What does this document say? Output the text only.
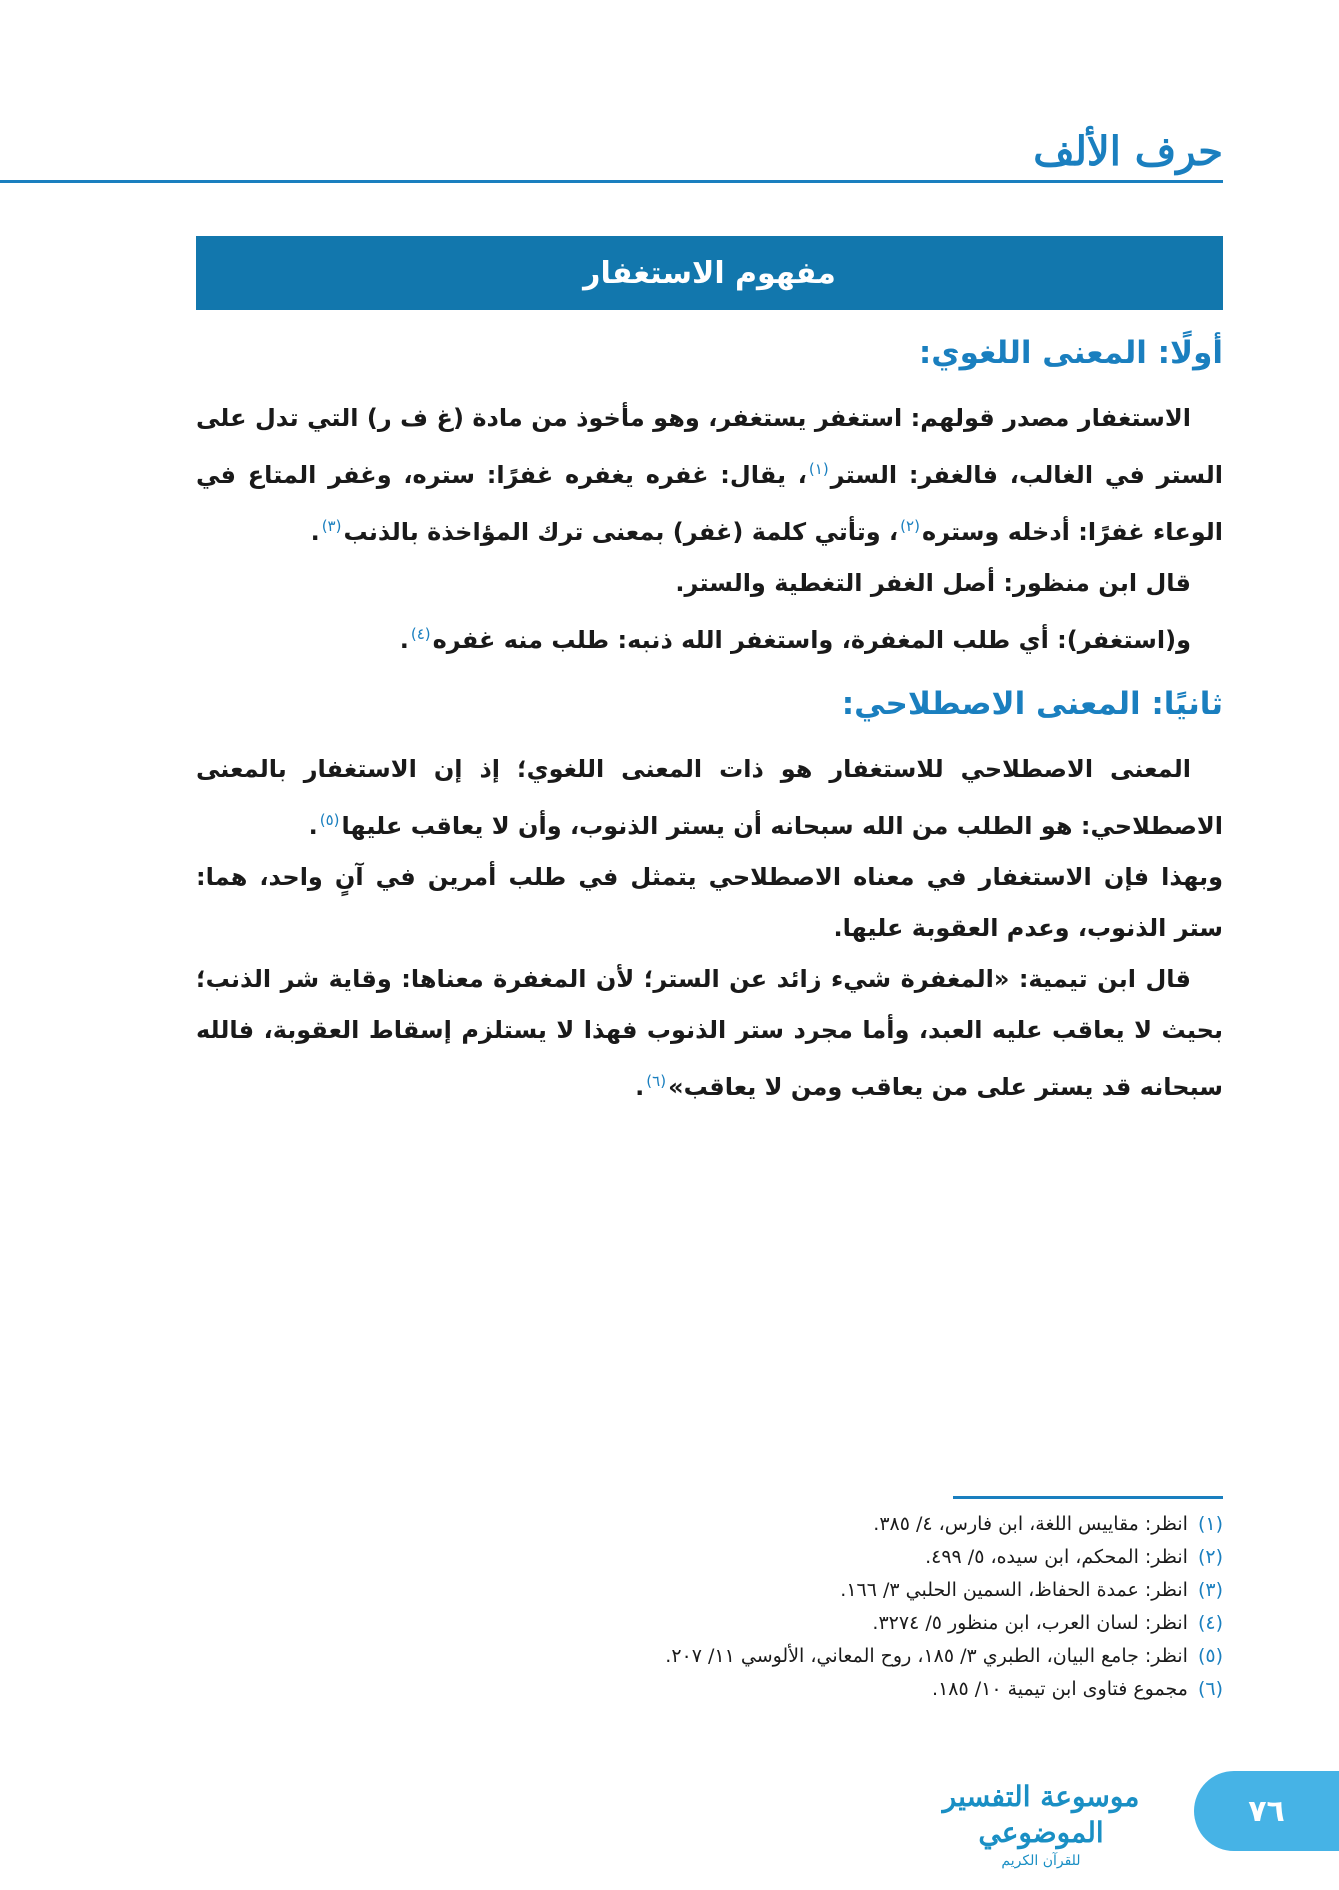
حرف الألف
مفهوم الاستغفار
أولًا: المعنى اللغوي:

الاستغفار مصدر قولهم: استغفر يستغفر، وهو مأخوذ من مادة (غ ف ر) التي تدل على الستر في الغالب، فالغفر: الستر$^{(١)}$، يقال: غفره يغفره غفرًا: ستره، وغفر المتاع في الوعاء غفرًا: أدخله وستره$^{(٢)}$، وتأتي كلمة (غفر) بمعنى ترك المؤاخذة بالذنب$^{(٣)}$.

قال ابن منظور: أصل الغفر التغطية والستر.

و(استغفر): أي طلب المغفرة، واستغفر الله ذنبه: طلب منه غفره$^{(٤)}$.

ثانيًا: المعنى الاصطلاحي:

المعنى الاصطلاحي للاستغفار هو ذات المعنى اللغوي؛ إذ إن الاستغفار بالمعنى الاصطلاحي: هو الطلب من الله سبحانه أن يستر الذنوب، وأن لا يعاقب عليها$^{(٥)}$.

وبهذا فإن الاستغفار في معناه الاصطلاحي يتمثل في طلب أمرين في آنٍ واحد، هما: ستر الذنوب، وعدم العقوبة عليها.

قال ابن تيمية: «المغفرة شيء زائد عن الستر؛ لأن المغفرة معناها: وقاية شر الذنب؛ بحيث لا يعاقب عليه العبد، وأما مجرد ستر الذنوب فهذا لا يستلزم إسقاط العقوبة، فالله سبحانه قد يستر على من يعاقب ومن لا يعاقب»$^{(٦)}$.

(١)انظر: مقاييس اللغة، ابن فارس، ٤/ ٣٨٥.
(٢)انظر: المحكم، ابن سيده، ٥/ ٤٩٩.
(٣)انظر: عمدة الحفاظ، السمين الحلبي ٣/ ١٦٦.
(٤)انظر: لسان العرب، ابن منظور ٥/ ٣٢٧٤.
(٥)انظر: جامع البيان، الطبري ٣/ ١٨٥، روح المعاني، الألوسي ١١/ ٢٠٧.
(٦)مجموع فتاوى ابن تيمية ١٠/ ١٨٥.
موسوعة التفسير الموضوعي
للقرآن الكريم
٧٦
